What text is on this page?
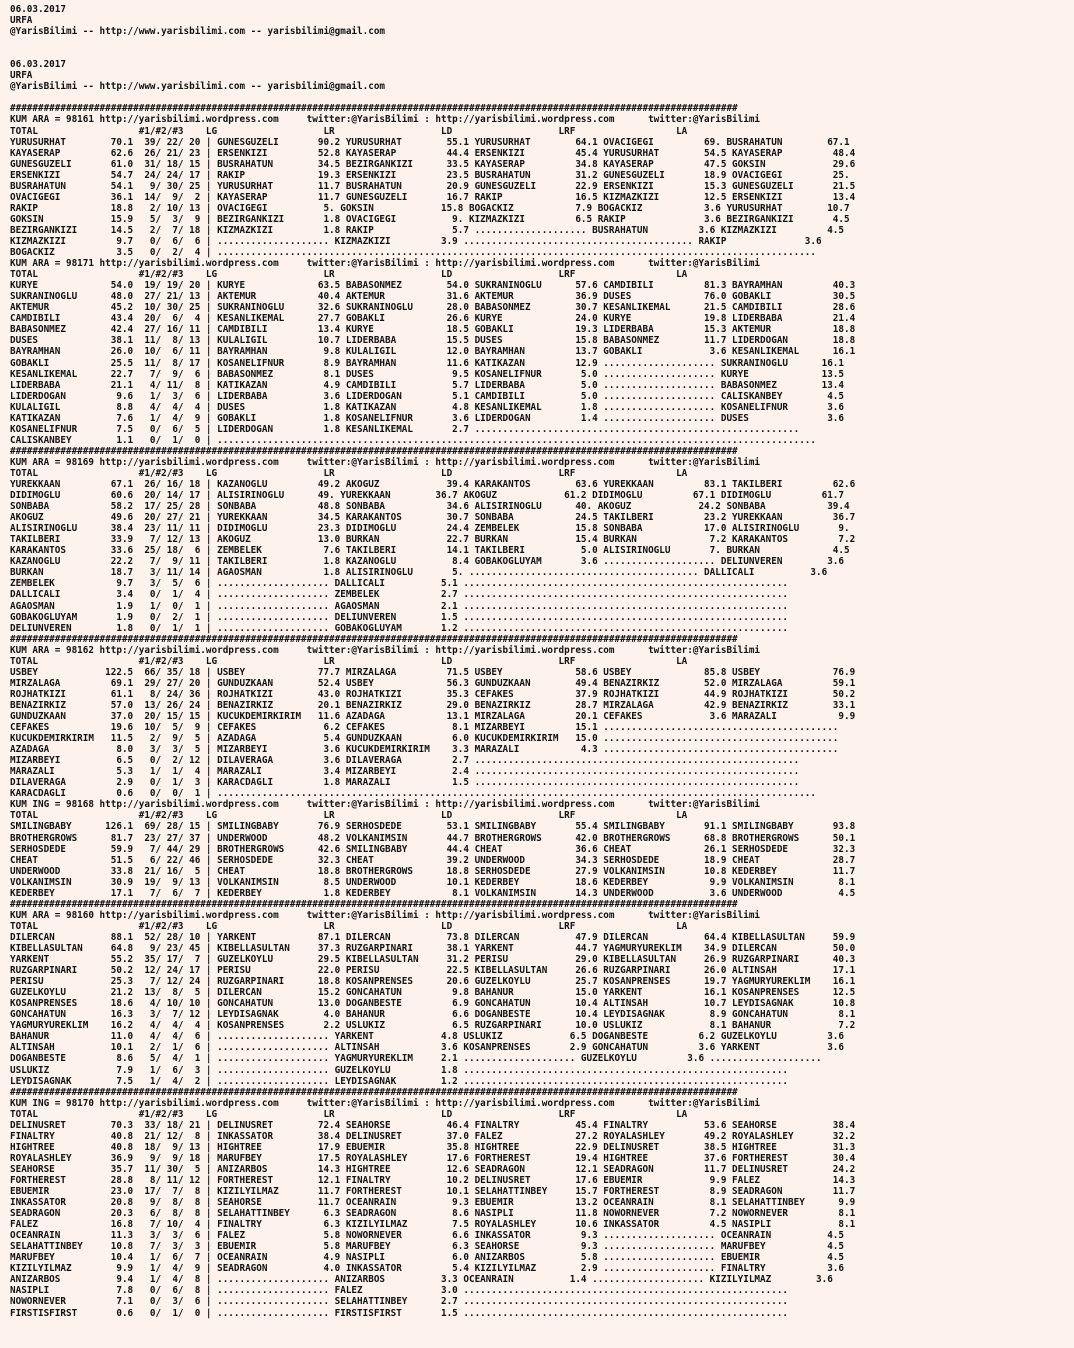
06.03.2017
URFA
@YarisBilimi -- http://www.yarisbilimi.com -- yarisbilimi@gmail.com

06.03.2017
URFA
@YarisBilimi -- http://www.yarisbilimi.com -- yarisbilimi@gmail.com

##################################################################################################################################
KUM ARA = 98161 http://yarisbilimi.wordpress.com     twitter:@YarisBilimi : http://yarisbilimi.wordpress.com      twitter:@YarisBilimi
TOTAL                  #1/#2/#3    LG                   LR                   LD                   LRF                  LA
YURUSURHAT        70.1  39/ 22/ 20 | GUNESGUZELI       90.2 YURUSURHAT        55.1 YURUSURHAT        64.1 OVACIGEGI         69. BUSRAHATUN        67.1
KAYASERAP         62.6  26/ 21/ 23 | ERSENKIZI         52.8 KAYASERAP         44.4 ERSENKIZI         45.4 YURUSURHAT        54.5 KAYASERAP         48.4
GUNESGUZELI       61.0  31/ 18/ 15 | BUSRAHATUN        34.5 BEZIRGANKIZI      33.5 KAYASERAP         34.8 KAYASERAP         47.5 GOKSIN            29.6
ERSENKIZI         54.7  24/ 24/ 17 | RAKIP             19.3 ERSENKIZI         23.5 BUSRAHATUN        31.2 GUNESGUZELI       18.9 OVACIGEGI         25.
BUSRAHATUN        54.1   9/ 30/ 25 | YURUSURHAT        11.7 BUSRAHATUN        20.9 GUNESGUZELI       22.9 ERSENKIZI         15.3 GUNESGUZELI       21.5
OVACIGEGI         36.1  14/  9/  2 | KAYASERAP         11.7 GUNESGUZELI       16.7 RAKIP             16.5 KIZMAZKIZI        12.5 ERSENKIZI         13.4
RAKIP             18.8   2/ 10/ 13 | OVACIGEGI          5. GOKSIN            15.8 BOGACKIZ           7.9 BOGACKIZ           3.6 YURUSURHAT        10.7
GOKSIN            15.9   5/  3/  9 | BEZIRGANKIZI       1.8 OVACIGEGI          9. KIZMAZKIZI         6.5 RAKIP              3.6 BEZIRGANKIZI       4.5
BEZIRGANKIZI      14.5   2/  7/ 18 | KIZMAZKIZI         1.8 RAKIP              5.7 .................... BUSRAHATUN         3.6 KIZMAZKIZI         4.5
KIZMAZKIZI         9.7   0/  6/  6 | .................... KIZMAZKIZI         3.9 ......................................... RAKIP              3.6
BOGACKIZ           3.5   0/  2/  4 | ...........................................................................................................
KUM ARA = 98171 http://yarisbilimi.wordpress.com     twitter:@YarisBilimi : http://yarisbilimi.wordpress.com      twitter:@YarisBilimi
TOTAL                  #1/#2/#3    LG                   LR                   LD                   LRF                  LA
KURYE             54.0  19/ 19/ 20 | KURYE             63.5 BABASONMEZ        54.0 SUKRANINOGLU      57.6 CAMDIBILI         81.3 BAYRAMHAN         40.3
SUKRANINOGLU      48.0  27/ 21/ 13 | AKTEMUR           40.4 AKTEMUR           31.6 AKTEMUR           36.9 DUSES             76.0 GOBAKLI           30.5
AKTEMUR           45.2  10/ 30/ 25 | SUKRANINOGLU      32.6 SUKRANINOGLU      28.0 BABASONMEZ        30.7 KESANLIKEMAL      21.5 CAMDIBILI         28.6
CAMDIBILI         43.4  20/  6/  4 | KESANLIKEMAL      27.7 GOBAKLI           26.6 KURYE             24.0 KURYE             19.8 LIDERBABA         21.4
BABASONMEZ        42.4  27/ 16/ 11 | CAMDIBILI         13.4 KURYE             18.5 GOBAKLI           19.3 LIDERBABA         15.3 AKTEMUR           18.8
DUSES             38.1  11/  8/ 13 | KULALIGIL         10.7 LIDERBABA         15.5 DUSES             15.8 BABASONMEZ        11.7 LIDERDOGAN        18.8
BAYRAMHAN         26.0  10/  6/ 11 | BAYRAMHAN          9.8 KULALIGIL         12.0 BAYRAMHAN         13.7 GOBAKLI            3.6 KESANLIKEMAL      16.1
GOBAKLI           25.5  11/  8/ 17 | KOSANELIFNUR       8.9 BAYRAMHAN         11.6 KATIKAZAN         12.9 .................... SUKRANINOGLU      16.1
KESANLIKEMAL      22.7   7/  9/  6 | BABASONMEZ         8.1 DUSES              9.5 KOSANELIFNUR       5.0 .................... KURYE             13.5
LIDERBABA         21.1   4/ 11/  8 | KATIKAZAN          4.9 CAMDIBILI          5.7 LIDERBABA          5.0 .................... BABASONMEZ        13.4
LIDERDOGAN         9.6   1/  3/  6 | LIDERBABA          3.6 LIDERDOGAN         5.1 CAMDIBILI          5.0 .................... CALISKANBEY        4.5
KULALIGIL          8.8   4/  4/  4 | DUSES              1.8 KATIKAZAN          4.8 KESANLIKEMAL       1.8 .................... KOSANELIFNUR       3.6
KATIKAZAN          7.6   1/  4/  9 | GOBAKLI            1.8 KOSANELIFNUR       3.6 LIDERDOGAN         1.4 .................... DUSES              3.6
KOSANELIFNUR       7.5   0/  6/  5 | LIDERDOGAN         1.8 KESANLIKEMAL       2.7 ..........................................................
CALISKANBEY        1.1   0/  1/  0 | ...........................................................................................................
##################################################################################################################################
KUM ARA = 98169 http://yarisbilimi.wordpress.com     twitter:@YarisBilimi : http://yarisbilimi.wordpress.com      twitter:@YarisBilimi
TOTAL                  #1/#2/#3    LG                   LR                   LD                   LRF                  LA
YUREKKAAN         67.1  26/ 16/ 18 | KAZANOGLU         49.2 AKOGUZ            39.4 KARAKANTOS        63.6 YUREKKAAN         83.1 TAKILBERI         62.6
DIDIMOGLU         60.6  20/ 14/ 17 | ALISIRINOGLU      49. YUREKKAAN        36.7 AKOGUZ            61.2 DIDIMOGLU         67.1 DIDIMOGLU         61.7
SONBABA           58.2  17/ 25/ 28 | SONBABA           48.8 SONBABA           34.6 ALISIRINOGLU      40. AKOGUZ            24.2 SONBABA           39.4
AKOGUZ            49.6  20/ 27/ 21 | YUREKKAAN         34.5 KARAKANTOS        30.7 SONBABA           24.5 TAKILBERI         23.2 YUREKKAAN         36.7
ALISIRINOGLU      38.4  23/ 11/ 11 | DIDIMOGLU         23.3 DIDIMOGLU         24.4 ZEMBELEK          15.8 SONBABA           17.0 ALISIRINOGLU       9.
TAKILBERI         33.9   7/ 12/ 13 | AKOGUZ            13.0 BURKAN            22.7 BURKAN            15.4 BURKAN             7.2 KARAKANTOS         7.2
KARAKANTOS        33.6  25/ 18/  6 | ZEMBELEK           7.6 TAKILBERI         14.1 TAKILBERI          5.0 ALISIRINOGLU       7. BURKAN             4.5
KAZANOGLU         22.2   7/  9/ 11 | TAKILBERI          1.8 KAZANOGLU          8.4 GOBAKOGLUYAM       3.6 .................... DELIUNVEREN        3.6
BURKAN            18.7   3/ 11/ 14 | AGAOSMAN           1.8 ALISIRINOGLU       5. ......................................... DALLICALI          3.6
ZEMBELEK           9.7   3/  5/  6 | .................... DALLICALI          5.1 ..........................................................
DALLICALI          3.4   0/  1/  4 | .................... ZEMBELEK           2.7 ..........................................................
AGAOSMAN           1.9   1/  0/  1 | .................... AGAOSMAN           2.1 ..........................................................
GOBAKOGLUYAM       1.9   0/  2/  1 | .................... DELIUNVEREN        1.5 ..........................................................
DELIUNVEREN        1.8   0/  1/  1 | .................... GOBAKOGLUYAM       1.2 ..........................................................
##################################################################################################################################
KUM ARA = 98162 http://yarisbilimi.wordpress.com     twitter:@YarisBilimi : http://yarisbilimi.wordpress.com      twitter:@YarisBilimi
TOTAL                  #1/#2/#3    LG                   LR                   LD                   LRF                  LA
USBEY            122.5  66/ 35/ 18 | USBEY             77.7 MIRZALAGA         71.5 USBEY             58.6 USBEY             85.8 USBEY             76.9
MIRZALAGA         69.1  29/ 27/ 20 | GUNDUZKAAN        52.4 USBEY             56.3 GUNDUZKAAN        49.4 BENAZIRKIZ        52.0 MIRZALAGA         59.1
ROJHATKIZI        61.1   8/ 24/ 36 | ROJHATKIZI        43.0 ROJHATKIZI        35.3 CEFAKES           37.9 ROJHATKIZI        44.9 ROJHATKIZI        50.2
BENAZIRKIZ        57.0  13/ 26/ 24 | BENAZIRKIZ        20.1 BENAZIRKIZ        29.0 BENAZIRKIZ        28.7 MIRZALAGA         42.9 BENAZIRKIZ        33.1
GUNDUZKAAN        37.0  20/ 15/ 15 | KUCUKDEMIRKIRIM   11.6 AZADAGA           13.1 MIRZALAGA         20.1 CEFAKES            3.6 MARAZALI           9.9
CEFAKES           19.6  10/  5/  9 | CEFAKES            6.2 CEFAKES            8.1 MIZARBEYI         15.1 ..........................................
KUCUKDEMIRKIRIM   11.5   2/  9/  5 | AZADAGA            5.4 GUNDUZKAAN         6.0 KUCUKDEMIRKIRIM   15.0 ..........................................
AZADAGA            8.0   3/  3/  5 | MIZARBEYI          3.6 KUCUKDEMIRKIRIM    3.3 MARAZALI           4.3 ..........................................
MIZARBEYI          6.5   0/  2/ 12 | DILAVERAGA         3.6 DILAVERAGA         2.7 ..........................................................
MARAZALI           5.3   1/  1/  4 | MARAZALI           3.4 MIZARBEYI          2.4 ..........................................................
DILAVERAGA         2.9   0/  1/  3 | KARACDAGLI         1.8 MARAZALI           1.5 ..........................................................
KARACDAGLI         0.6   0/  0/  1 | ...........................................................................................................
KUM ING = 98168 http://yarisbilimi.wordpress.com     twitter:@YarisBilimi : http://yarisbilimi.wordpress.com      twitter:@YarisBilimi
TOTAL                  #1/#2/#3    LG                   LR                   LD                   LRF                  LA
SMILINGBABY      126.1  69/ 28/ 15 | SMILINGBABY       76.9 SERHOSDEDE        53.1 SMILINGBABY       55.4 SMILINGBABY       91.1 SMILINGBABY       93.8
BROTHERGROWS      81.7  23/ 27/ 37 | UNDERWOOD         48.2 VOLKANIMSIN       44.7 BROTHERGROWS      42.0 BROTHERGROWS      68.8 BROTHERGROWS      50.1
SERHOSDEDE        59.9   7/ 44/ 29 | BROTHERGROWS      42.6 SMILINGBABY       44.4 CHEAT             36.6 CHEAT             26.1 SERHOSDEDE        32.3
CHEAT             51.5   6/ 22/ 46 | SERHOSDEDE        32.3 CHEAT             39.2 UNDERWOOD         34.3 SERHOSDEDE        18.9 CHEAT             28.7
UNDERWOOD         33.8  21/ 16/  5 | CHEAT             18.8 BROTHERGROWS      18.8 SERHOSDEDE        27.9 VOLKANIMSIN       10.8 KEDERBEY          11.7
VOLKANIMSIN       30.9  19/  9/ 13 | VOLKANIMSIN        8.5 UNDERWOOD         10.1 KEDERBEY          18.6 KEDERBEY           9.9 VOLKANIMSIN        8.1
KEDERBEY          17.1   7/  6/  7 | KEDERBEY           1.8 KEDERBEY           8.1 VOLKANIMSIN       14.3 UNDERWOOD          3.6 UNDERWOOD          4.5
##################################################################################################################################
KUM ARA = 98160 http://yarisbilimi.wordpress.com     twitter:@YarisBilimi : http://yarisbilimi.wordpress.com      twitter:@YarisBilimi
TOTAL                  #1/#2/#3    LG                   LR                   LD                   LRF                  LA
DILERCAN          88.1  52/ 28/ 10 | YARKENT           87.1 DILERCAN          73.8 DILERCAN          47.9 DILERCAN          64.4 KIBELLASULTAN     59.9
KIBELLASULTAN     64.8   9/ 23/ 45 | KIBELLASULTAN     37.3 RUZGARPINARI      38.1 YARKENT           44.7 YAGMURYUREKLIM    34.9 DILERCAN          50.0
YARKENT           55.2  35/ 17/  7 | GUZELKOYLU        29.5 KIBELLASULTAN     31.2 PERISU            29.0 KIBELLASULTAN     26.9 RUZGARPINARI      40.3
RUZGARPINARI      50.2  12/ 24/ 17 | PERISU            22.0 PERISU            22.5 KIBELLASULTAN     26.6 RUZGARPINARI      26.0 ALTINSAH          17.1
PERISU            25.3   7/ 12/ 24 | RUZGARPINARI      18.8 KOSANPRENSES      20.6 GUZELKOYLU        25.7 KOSANPRENSES      19.7 YAGMURYUREKLIM    16.1
GUZELKOYLU        21.2  13/  8/  5 | DILERCAN          15.2 GONCAHATUN         9.8 BAHANUR           15.0 YARKENT           16.1 KOSANPRENSES      12.5
KOSANPRENSES      18.6   4/ 10/ 10 | GONCAHATUN        13.0 DOGANBESTE         6.9 GONCAHATUN        10.4 ALTINSAH          10.7 LEYDISAGNAK       10.8
GONCAHATUN        16.3   3/  7/ 12 | LEYDISAGNAK        4.0 BAHANUR            6.6 DOGANBESTE        10.4 LEYDISAGNAK        8.9 GONCAHATUN         8.1
YAGMURYUREKLIM    16.2   4/  4/  4 | KOSANPRENSES       2.2 USLUKIZ            6.5 RUZGARPINARI      10.0 USLUKIZ            8.1 BAHANUR            7.2
BAHANUR           11.0   4/  4/  6 | .................... YARKENT            4.8 USLUKIZ            6.5 DOGANBESTE         6.2 GUZELKOYLU         3.6
ALTINSAH          10.1   2/  1/  6 | .................... ALTINSAH           3.6 KOSANPRENSES       2.9 GONCAHATUN         3.6 YARKENT            3.6
DOGANBESTE         8.6   5/  4/  1 | .................... YAGMURYUREKLIM     2.1 .................... GUZELKOYLU         3.6 ....................
USLUKIZ            7.9   1/  6/  3 | .................... GUZELKOYLU         1.8 ..........................................................
LEYDISAGNAK        7.5   1/  4/  2 | .................... LEYDISAGNAK        1.2 ..........................................................
##################################################################################################################################
KUM ING = 98170 http://yarisbilimi.wordpress.com     twitter:@YarisBilimi : http://yarisbilimi.wordpress.com      twitter:@YarisBilimi
TOTAL                  #1/#2/#3    LG                   LR                   LD                   LRF                  LA
DELINUSRET        70.3  33/ 18/ 21 | DELINUSRET        72.4 SEAHORSE          46.4 FINALTRY          45.4 FINALTRY          53.6 SEAHORSE          38.4
FINALTRY          40.8  21/ 12/  8 | INKASSATOR        38.4 DELINUSRET        37.0 FALEZ             27.2 ROYALASHLEY       49.2 ROYALASHLEY       32.2
HIGHTREE          40.8  18/  9/ 13 | HIGHTREE          17.9 EBUEMIR           35.8 HIGHTREE          22.9 DELINUSRET        38.5 HIGHTREE          31.3
ROYALASHLEY       36.9   9/  9/ 18 | MARUFBEY          17.5 ROYALASHLEY       17.6 FORTHEREST        19.4 HIGHTREE          37.6 FORTHEREST        30.4
SEAHORSE          35.7  11/ 30/  5 | ANIZARBOS         14.3 HIGHTREE          12.6 SEADRAGON         12.1 SEADRAGON         11.7 DELINUSRET        24.2
FORTHEREST        28.8   8/ 11/ 12 | FORTHEREST        12.1 FINALTRY          10.2 DELINUSRET        17.6 EBUEMIR            9.9 FALEZ             14.3
EBUEMIR           23.0  17/  7/  8 | KIZILYILMAZ       11.7 FORTHEREST        10.1 SELAHATTINBEY     15.7 FORTHEREST         8.9 SEADRAGON         11.7
INKASSATOR        20.8   9/  8/  8 | SEAHORSE          11.7 OCEANRAIN          9.3 EBUEMIR           13.2 OCEANRAIN          8.1 SELAHATTINBEY      9.9
SEADRAGON         20.3   6/  8/  8 | SELAHATTINBEY      6.3 SEADRAGON          8.6 NASIPLI           11.8 NOWORNEVER         7.2 NOWORNEVER         8.1
FALEZ             16.8   7/ 10/  4 | FINALTRY           6.3 KIZILYILMAZ        7.5 ROYALASHLEY       10.6 INKASSATOR         4.5 NASIPLI            8.1
OCEANRAIN         11.3   3/  3/  6 | FALEZ              5.8 NOWORNEVER         6.6 INKASSATOR         9.3 .................... OCEANRAIN          4.5
SELAHATTINBEY     10.8   7/  3/  3 | EBUEMIR            5.8 MARUFBEY           6.3 SEAHORSE           9.3 .................... MARUFBEY           4.5
MARUFBEY          10.4   1/  6/  7 | OCEANRAIN          4.9 NASIPLI            6.0 ANIZARBOS          5.8 .................... EBUEMIR            4.5
KIZILYILMAZ        9.9   1/  4/  9 | SEADRAGON          4.0 INKASSATOR         5.4 KIZILYILMAZ        2.9 .................... FINALTRY           3.6
ANIZARBOS          9.4   1/  4/  8 | .................... ANIZARBOS          3.3 OCEANRAIN          1.4 .................... KIZILYILMAZ        3.6
NASIPLI            7.8   0/  6/  8 | .................... FALEZ              3.0 ..........................................................
NOWORNEVER         7.1   0/  3/  6 | .................... SELAHATTINBEY      2.7 ..........................................................
FIRSTISFIRST       0.6   0/  1/  0 | .................... FIRSTISFIRST       1.5 ..........................................................
